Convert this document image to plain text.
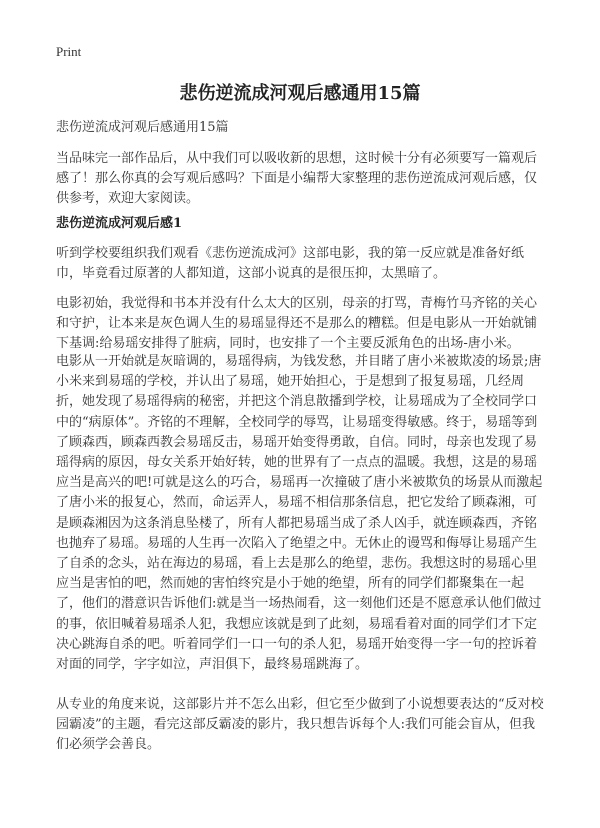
Print
悲伤逆流成河观后感通用15篇

悲伤逆流成河观后感通用15篇

当品味完一部作品后，从中我们可以吸收新的思想，这时候十分有必须要写一篇观后感了！那么你真的会写观后感吗？下面是小编帮大家整理的悲伤逆流成河观后感，仅供参考，欢迎大家阅读。

悲伤逆流成河观后感1

听到学校要组织我们观看《悲伤逆流成河》这部电影，我的第一反应就是准备好纸巾，毕竟看过原著的人都知道，这部小说真的是很压抑，太黑暗了。

电影初始，我觉得和书本并没有什么太大的区别，母亲的打骂，青梅竹马齐铭的关心和守护，让本来是灰色调人生的易瑶显得还不是那么的糟糕。但是电影从一开始就铺下基调:给易瑶安排得了脏病，同时，也安排了一个主要反派角色的出场-唐小米。

电影从一开始就是灰暗调的，易瑶得病，为钱发愁，并目睹了唐小米被欺凌的场景;唐小米来到易瑶的学校，并认出了易瑶，她开始担心，于是想到了报复易瑶，几经周折，她发现了易瑶得病的秘密，并把这个消息散播到学校，让易瑶成为了全校同学口中的“病原体”。齐铭的不理解，全校同学的辱骂，让易瑶变得敏感。终于，易瑶等到了顾森西，顾森西教会易瑶反击，易瑶开始变得勇敢，自信。同时，母亲也发现了易瑶得病的原因，母女关系开始好转，她的世界有了一点点的温暖。我想，这是的易瑶应当是高兴的吧!可就是这么的巧合，易瑶再一次撞破了唐小米被欺负的场景从而激起了唐小米的报复心，然而，命运弄人，易瑶不相信那条信息，把它发给了顾森湘，可是顾森湘因为这条消息坠楼了，所有人都把易瑶当成了杀人凶手，就连顾森西，齐铭也抛弃了易瑶。易瑶的人生再一次陷入了绝望之中。无休止的谩骂和侮辱让易瑶产生了自杀的念头，站在海边的易瑶，看上去是那么的绝望，悲伤。我想这时的易瑶心里应当是害怕的吧，然而她的害怕终究是小于她的绝望，所有的同学们都聚集在一起了，他们的潜意识告诉他们:就是当一场热闹看，这一刻他们还是不愿意承认他们做过的事，依旧喊着易瑶杀人犯，我想应该就是到了此刻，易瑶看着对面的同学们才下定决心跳海自杀的吧。听着同学们一口一句的杀人犯，易瑶开始变得一字一句的控诉着对面的同学，字字如泣，声泪俱下，最终易瑶跳海了。

从专业的角度来说，这部影片并不怎么出彩，但它至少做到了小说想要表达的“反对校园霸凌”的主题，看完这部反霸凌的影片，我只想告诉每个人:我们可能会盲从，但我们必须学会善良。
